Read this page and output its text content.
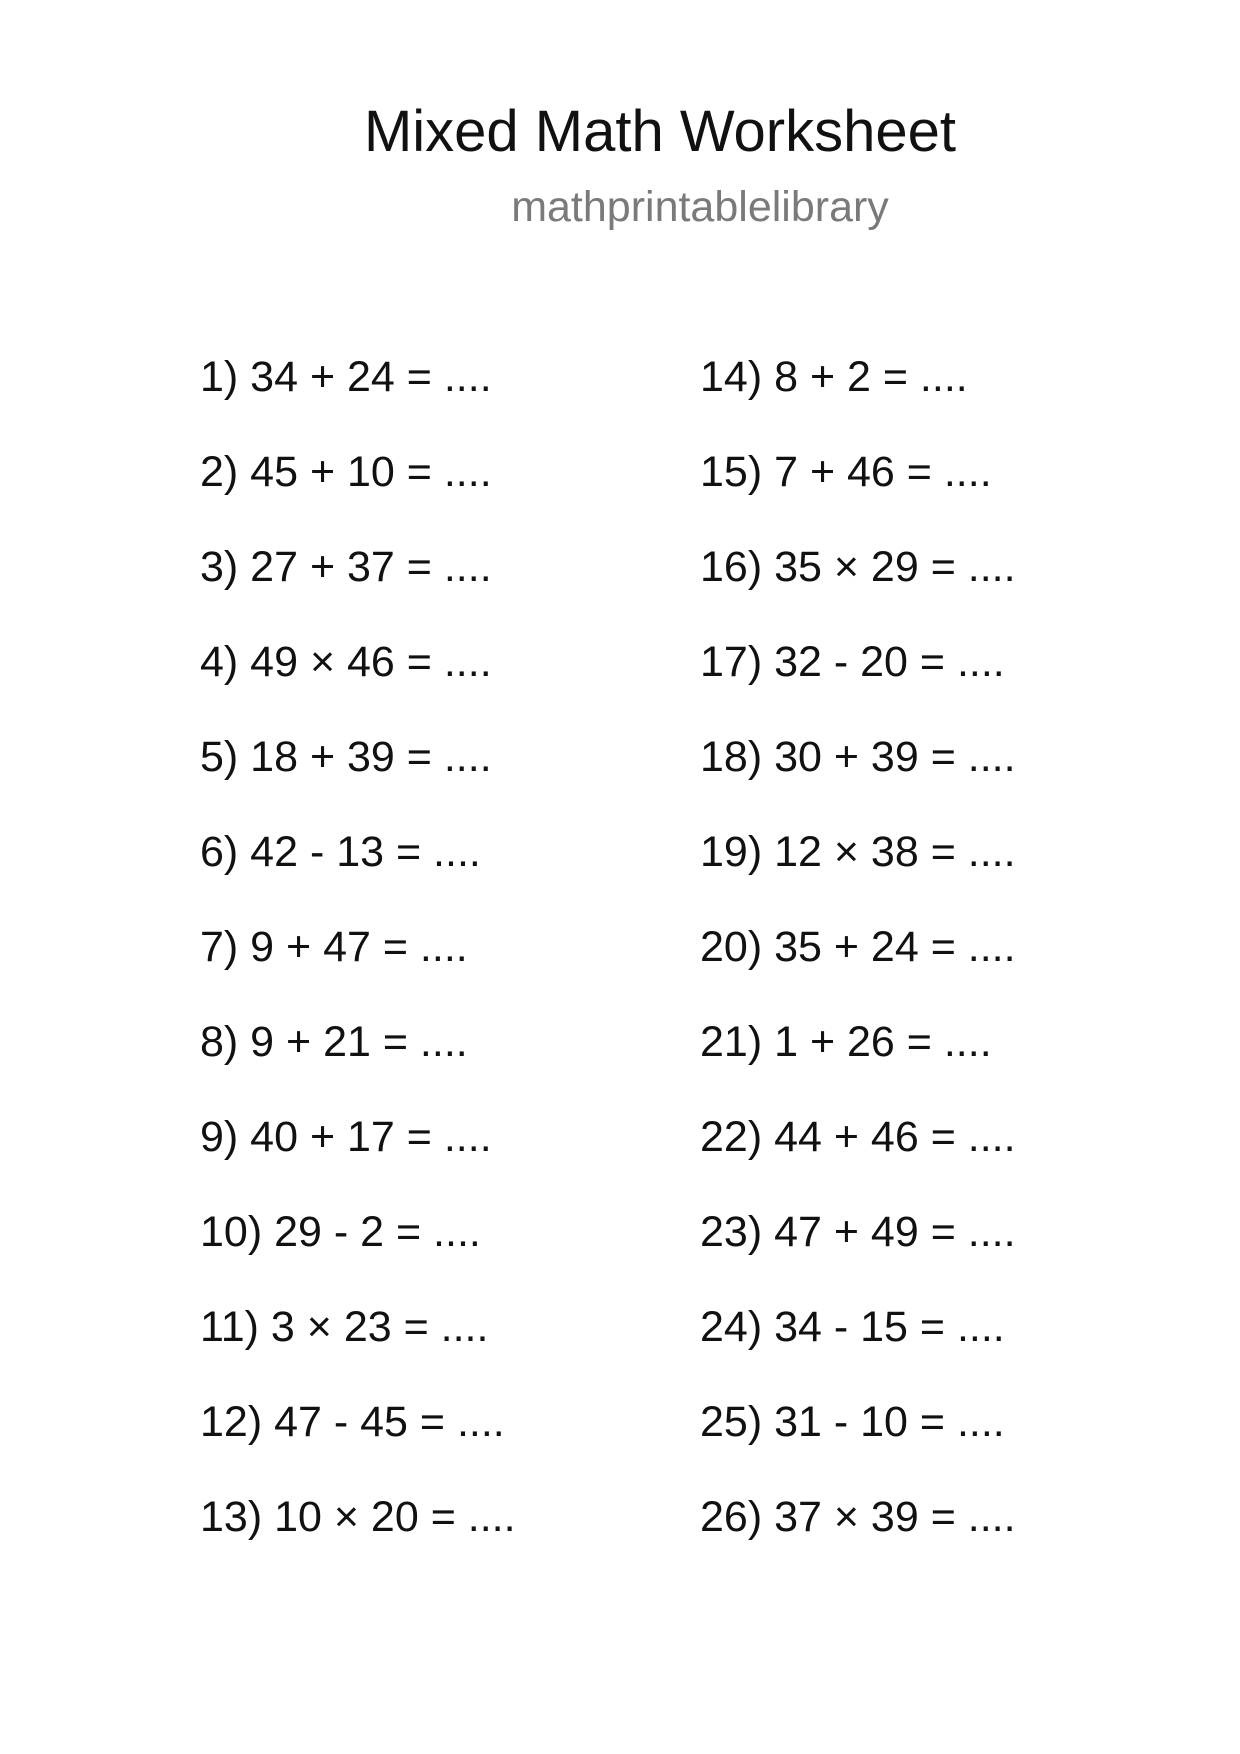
Mixed Math Worksheet
mathprintablelibrary
1) 34 + 24 = ....
2) 45 + 10 = ....
3) 27 + 37 = ....
4) 49 × 46 = ....
5) 18 + 39 = ....
6) 42 - 13 = ....
7) 9 + 47 = ....
8) 9 + 21 = ....
9) 40 + 17 = ....
10) 29 - 2 = ....
11) 3 × 23 = ....
12) 47 - 45 = ....
13) 10 × 20 = ....
14) 8 + 2 = ....
15) 7 + 46 = ....
16) 35 × 29 = ....
17) 32 - 20 = ....
18) 30 + 39 = ....
19) 12 × 38 = ....
20) 35 + 24 = ....
21) 1 + 26 = ....
22) 44 + 46 = ....
23) 47 + 49 = ....
24) 34 - 15 = ....
25) 31 - 10 = ....
26) 37 × 39 = ....
